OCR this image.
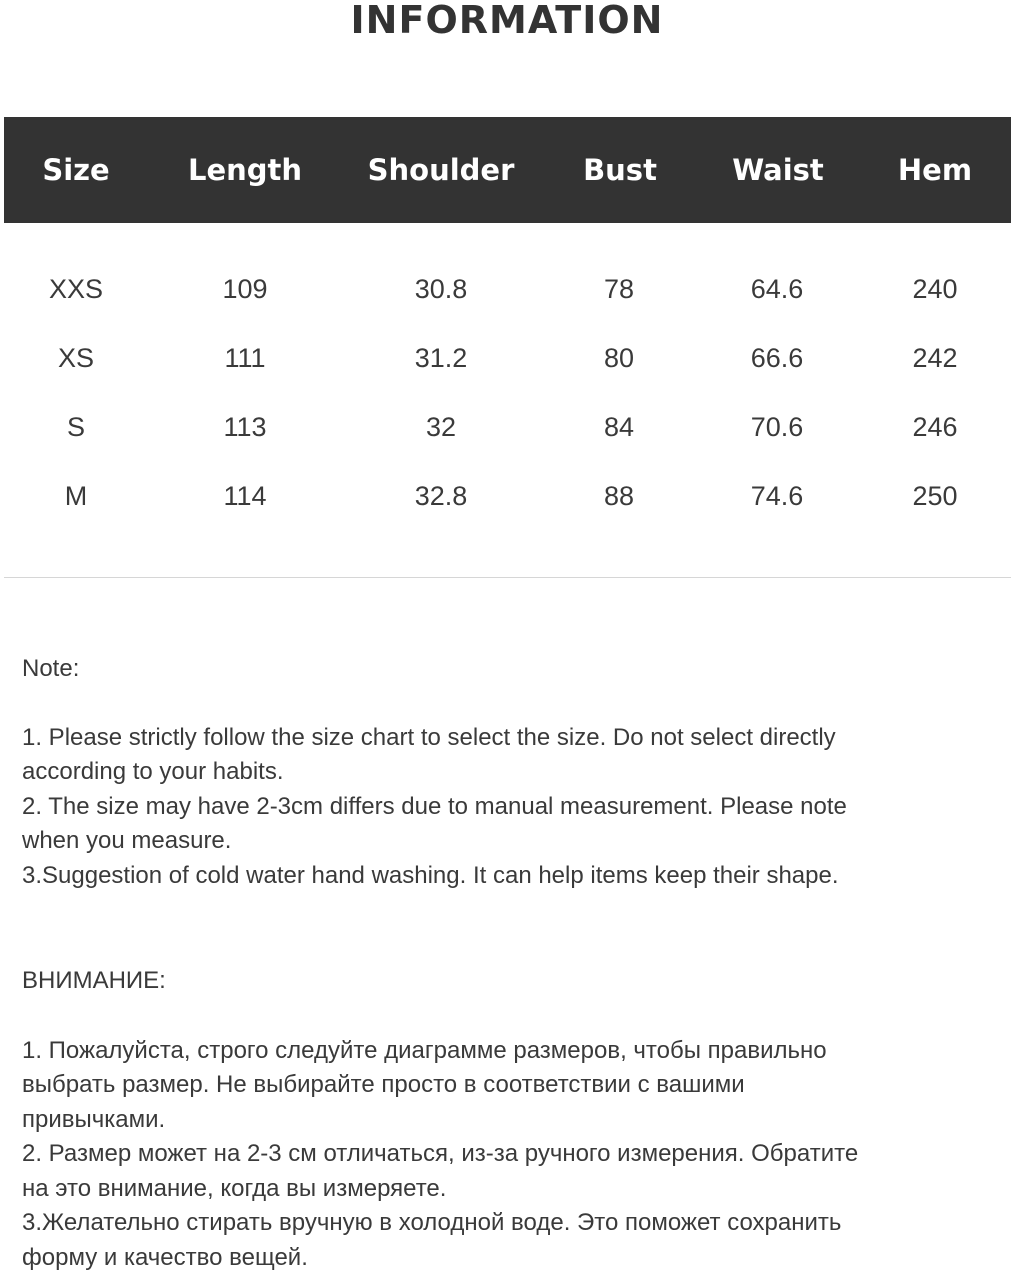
INFORMATION
Size	Length Shoulder Bust	Waist	Hem
XXS	109	30.8	78	64.6	240
XS	111	31.2	80	66.6	242
S	113	32	84	70.6	246
M	114	32.8	88	74.6	250
Note:
1. Please strictly follow the size chart to select the size. Do not select directly
according to your habits.
2. The size may have 2-3cm differs due to manual measurement. Please note
when you measure.
3.Suggestion of cold water hand washing. It can help items keep their shape.
ВНИМАНИЕ:
1. Пожалуйста, строго следуйте диаграмме размеров, чтобы правильно
выбрать размер. Не выбирайте просто в соответствии с вашими
привычками.
2. Размер может на 2-3 см отличаться, из-за ручного измерения. Обратите
на это внимание, когда вы измеряете.
3.Желательно стирать вручную в холодной воде. Это поможет сохранить
форму и качество вещей.
